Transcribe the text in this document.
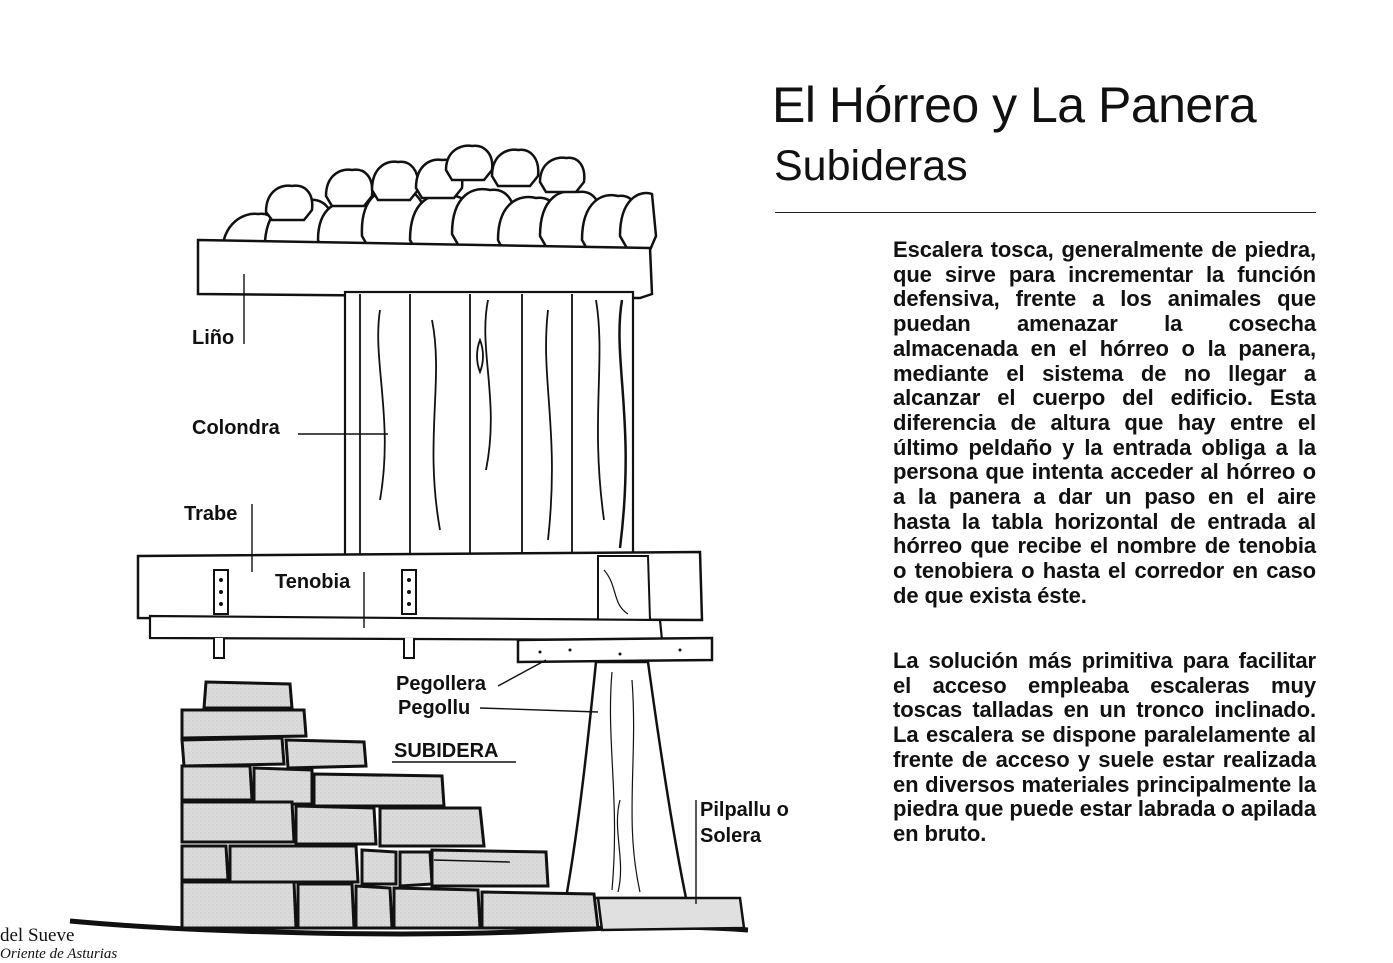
El Hórreo y La Panera
Subideras
Escalera tosca, generalmente de piedra, que sirve para incrementar la función defensiva, frente a los animales que puedan amenazar la cosecha almacenada en el hórreo o la panera, mediante el sistema de no llegar a alcanzar el cuerpo del edificio. Esta diferencia de altura que hay entre el último peldaño y la entrada obliga a la persona que intenta acceder al hórreo o a la panera a dar un paso en el aire hasta la tabla horizontal de entrada al hórreo que recibe el nombre de tenobia o tenobiera o hasta el corredor en caso de que exista éste.
La solución más primitiva para facilitar el acceso empleaba escaleras muy toscas talladas en un tronco inclinado. La escalera se dispone paralelamente al frente de acceso y suele estar realizada en diversos materiales principalmente la piedra que puede estar labrada o apilada en bruto.
Liño
Colondra
Trabe
Tenobia
Pegollera
Pegollu
SUBIDERA
Pilpallu o
Solera
del Sueve
Oriente de Asturias
